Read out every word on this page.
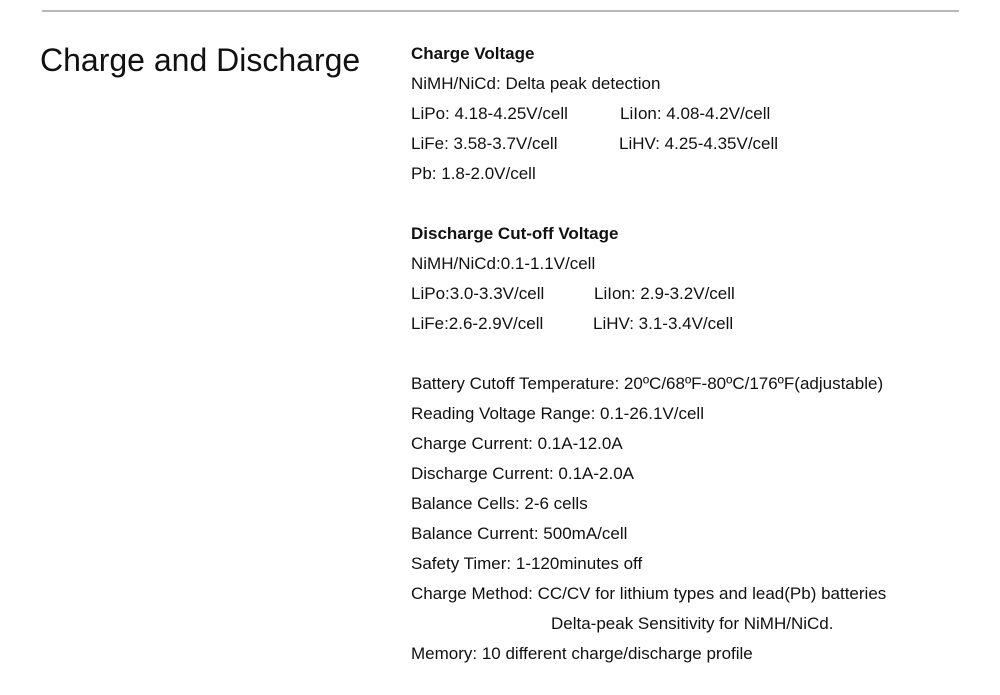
Charge and Discharge	Charge Voltage
NiMH/NiCd: Delta peak detection
LiPo: 4.18-4.25V/cell	LiIon: 4.08-4.2V/cell
LiFe: 3.58-3.7V/cell	LiHV: 4.25-4.35V/cell
Pb: 1.8-2.0V/cell
Discharge Cut-off Voltage
NiMH/NiCd:0.1-1.1V/cell
LiPo:3.0-3.3V/cell	LiIon: 2.9-3.2V/cell
LiFe:2.6-2.9V/cell	LiHV: 3.1-3.4V/cell
Battery Cutoff Temperature: 20ºC/68ºF-80ºC/176ºF(adjustable)
Reading Voltage Range: 0.1-26.1V/cell
Charge Current: 0.1A-12.0A
Discharge Current: 0.1A-2.0A
Balance Cells: 2-6 cells
Balance Current: 500mA/cell
Safety Timer: 1-120minutes off
Charge Method: CC/CV for lithium types and lead(Pb) batteries
Delta-peak Sensitivity for NiMH/NiCd.
Memory: 10 different charge/discharge profile
